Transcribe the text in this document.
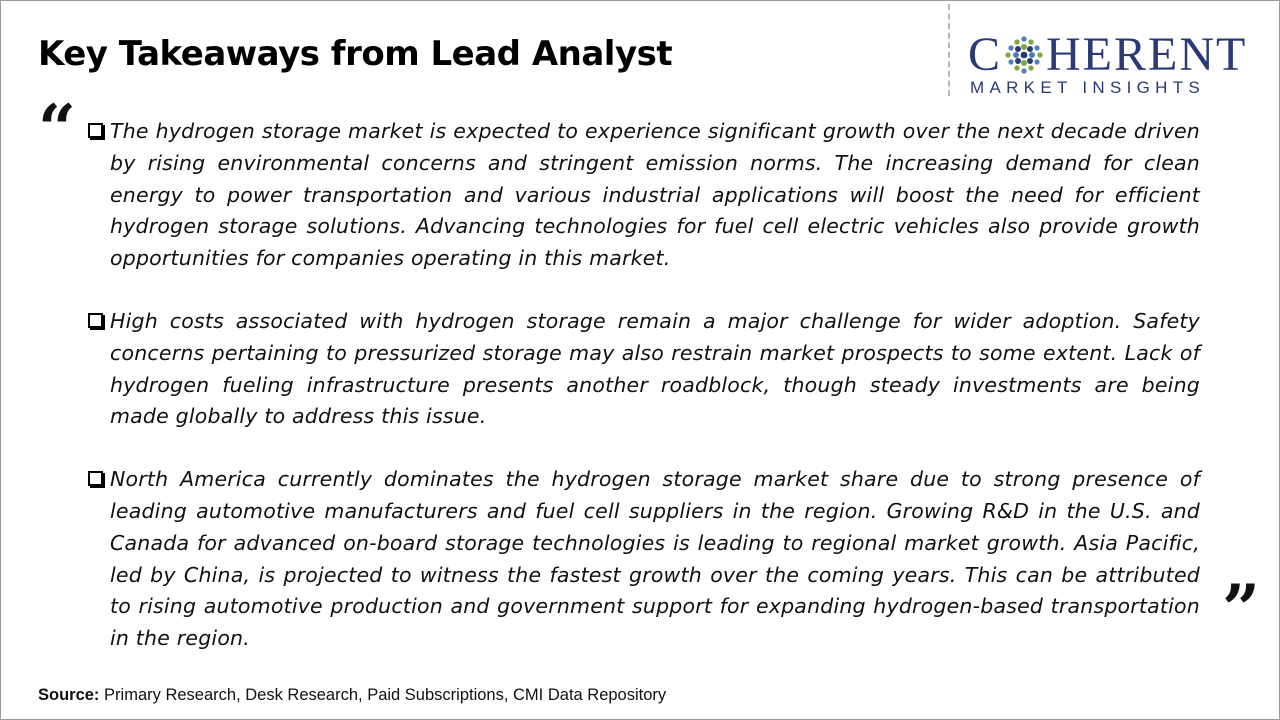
Key Takeaways from Lead Analyst	C HERENT
MARKET INSIGHTS
“
”
The hydrogen storage market is expected to experience significant growth over the next decade driven by rising environmental concerns and stringent emission norms. The increasing demand for clean energy to power transportation and various industrial applications will boost the need for efficient hydrogen storage solutions. Advancing technologies for fuel cell electric vehicles also provide growth opportunities for companies operating in this market.
High costs associated with hydrogen storage remain a major challenge for wider adoption. Safety concerns pertaining to pressurized storage may also restrain market prospects to some extent. Lack of hydrogen fueling infrastructure presents another roadblock, though steady investments are being made globally to address this issue.
North America currently dominates the hydrogen storage market share due to strong presence of leading automotive manufacturers and fuel cell suppliers in the region. Growing R&D in the U.S. and Canada for advanced on-board storage technologies is leading to regional market growth. Asia Pacific, led by China, is projected to witness the fastest growth over the coming years. This can be attributed to rising automotive production and government support for expanding hydrogen-based transportation in the region.
Source: Primary Research, Desk Research, Paid Subscriptions, CMI Data Repository
